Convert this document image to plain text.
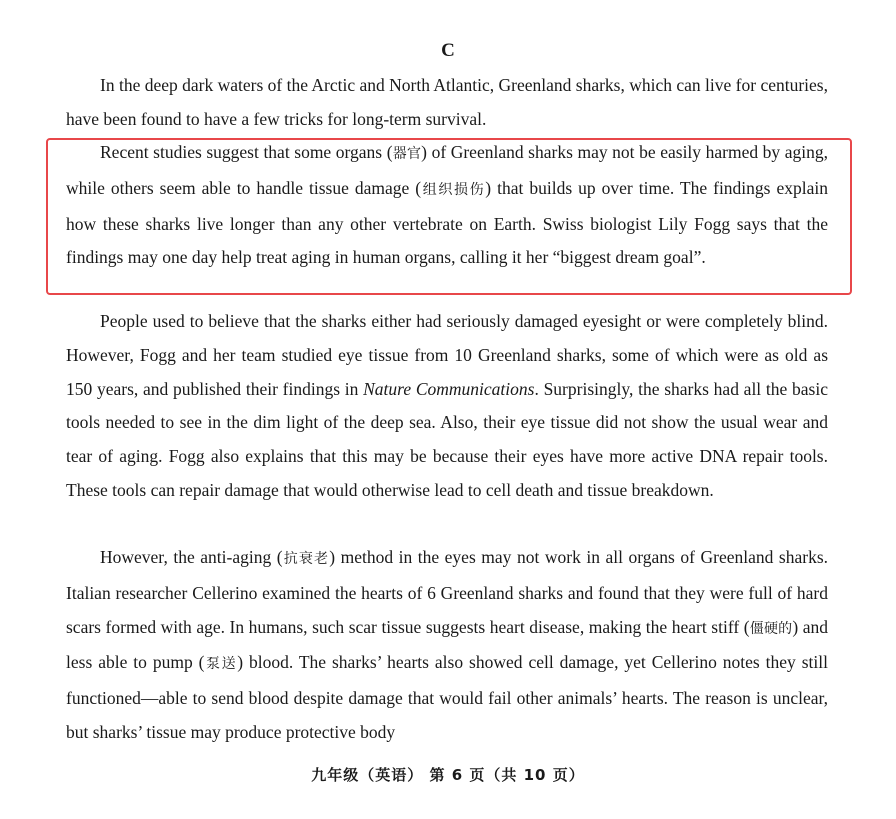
C

In the deep dark waters of the Arctic and North Atlantic, Greenland sharks, which can live for centuries, have been found to have a few tricks for long-term survival.

Recent studies suggest that some organs (器官) of Greenland sharks may not be easily harmed by aging, while others seem able to handle tissue damage (组织损伤) that builds up over time. The findings explain how these sharks live longer than any other vertebrate on Earth. Swiss biologist Lily Fogg says that the findings may one day help treat aging in human organs, calling it her “biggest dream goal”.

People used to believe that the sharks either had seriously damaged eyesight or were completely blind. However, Fogg and her team studied eye tissue from 10 Greenland sharks, some of which were as old as 150 years, and published their findings in Nature Communications. Surprisingly, the sharks had all the basic tools needed to see in the dim light of the deep sea. Also, their eye tissue did not show the usual wear and tear of aging. Fogg also explains that this may be because their eyes have more active DNA repair tools. These tools can repair damage that would otherwise lead to cell death and tissue breakdown.

However, the anti-aging (抗衰老) method in the eyes may not work in all organs of Greenland sharks. Italian researcher Cellerino examined the hearts of 6 Greenland sharks and found that they were full of hard scars formed with age. In humans, such scar tissue suggests heart disease, making the heart stiff (僵硬的) and less able to pump (泵送) blood. The sharks’ hearts also showed cell damage, yet Cellerino notes they still functioned—able to send blood despite damage that would fail other animals’ hearts. The reason is unclear, but sharks’ tissue may produce protective body

九年级（英语） 第 6 页（共 10 页）
